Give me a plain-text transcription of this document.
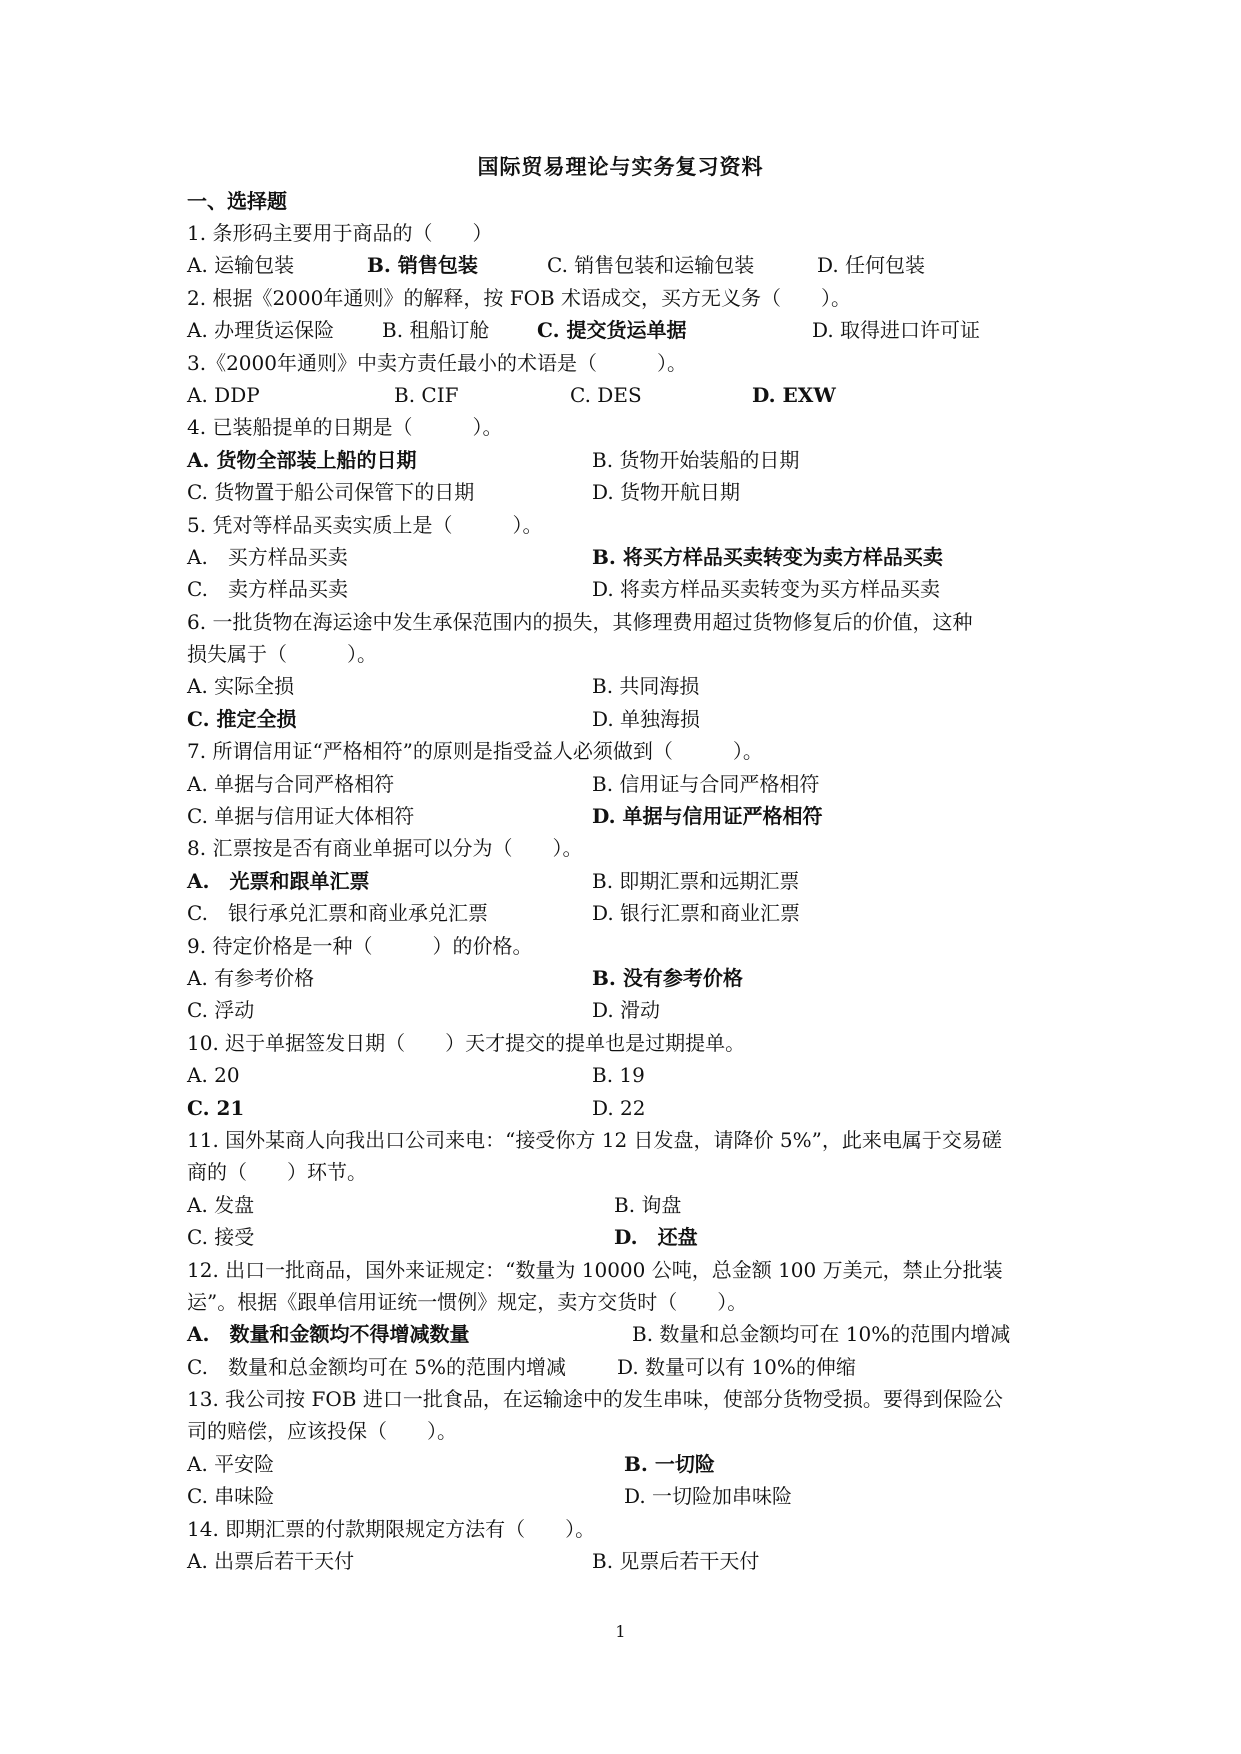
国际贸易理论与实务复习资料
一、选择题
1. 条形码主要用于商品的（　　）
A. 运输包装	B. 销售包装	C. 销售包装和运输包装	D. 任何包装
2. 根据《2000年通则》的解释，按 FOB 术语成交，买方无义务（　　）。
A. 办理货运保险 B. 租船订舱 C. 提交货运单据	D. 取得进口许可证
3.《2000年通则》中卖方责任最小的术语是（　　　）。
A. DDP	B. CIF	C. DES	D. EXW
4. 已装船提单的日期是（　　　）。
A. 货物全部装上船的日期	B. 货物开始装船的日期
C. 货物置于船公司保管下的日期	D. 货物开航日期
5. 凭对等样品买卖实质上是（　　　）。
A.　买方样品买卖	B. 将买方样品买卖转变为卖方样品买卖
C.　卖方样品买卖	D. 将卖方样品买卖转变为买方样品买卖
6. 一批货物在海运途中发生承保范围内的损失，其修理费用超过货物修复后的价值，这种
损失属于（　　　）。
A. 实际全损	B. 共同海损
C. 推定全损	D. 单独海损
7. 所谓信用证“严格相符”的原则是指受益人必须做到（　　　）。
A. 单据与合同严格相符	B. 信用证与合同严格相符
C. 单据与信用证大体相符	D. 单据与信用证严格相符
8. 汇票按是否有商业单据可以分为（　　）。
A.　光票和跟单汇票	B. 即期汇票和远期汇票
C.　银行承兑汇票和商业承兑汇票	D. 银行汇票和商业汇票
9. 待定价格是一种（　　　）的价格。
A. 有参考价格	B. 没有参考价格
C. 浮动	D. 滑动
10. 迟于单据签发日期（　　）天才提交的提单也是过期提单。
A. 20	B. 19
C. 21	D. 22
11. 国外某商人向我出口公司来电：“接受你方 12 日发盘，请降价 5%”，此来电属于交易磋
商的（　　）环节。
A. 发盘	B. 询盘
C. 接受	D.　还盘
12. 出口一批商品，国外来证规定：“数量为 10000 公吨，总金额 100 万美元，禁止分批装
运”。根据《跟单信用证统一惯例》规定，卖方交货时（　　）。
A.　数量和金额均不得增减数量	B. 数量和总金额均可在 10%的范围内增减
C.　数量和总金额均可在 5%的范围内增减	D. 数量可以有 10%的伸缩
13. 我公司按 FOB 进口一批食品，在运输途中的发生串味，使部分货物受损。要得到保险公
司的赔偿，应该投保（　　）。
A. 平安险	B. 一切险
C. 串味险	D. 一切险加串味险
14. 即期汇票的付款期限规定方法有（　　）。
A. 出票后若干天付	B. 见票后若干天付
1
